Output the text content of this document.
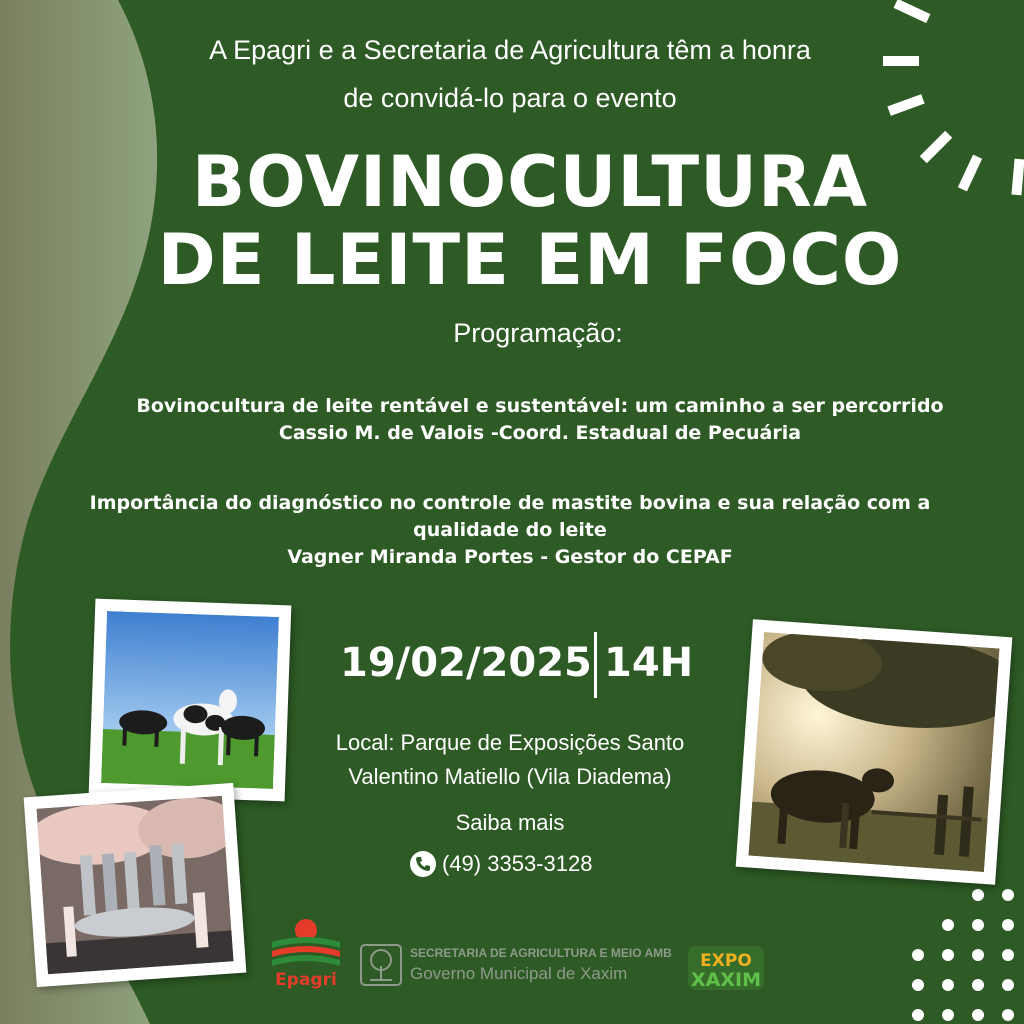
A Epagri e a Secretaria de Agricultura têm a honra
de convidá-lo para o evento
BOVINOCULTURA
DE LEITE EM FOCO
Programação:
Bovinocultura de leite rentável e sustentável: um caminho a ser percorrido
Cassio M. de Valois -Coord. Estadual de Pecuária
Importância do diagnóstico no controle de mastite bovina e sua relação com a
qualidade do leite
Vagner Miranda Portes - Gestor do CEPAF
19/02/2025 14H
Local: Parque de Exposições Santo
Valentino Matiello (Vila Diadema)
Saiba mais
(49) 3353-3128
Epagri
SECRETARIA DE AGRICULTURA E MEIO AMB
Governo Municipal de Xaxim
EXPO
XAXIM
